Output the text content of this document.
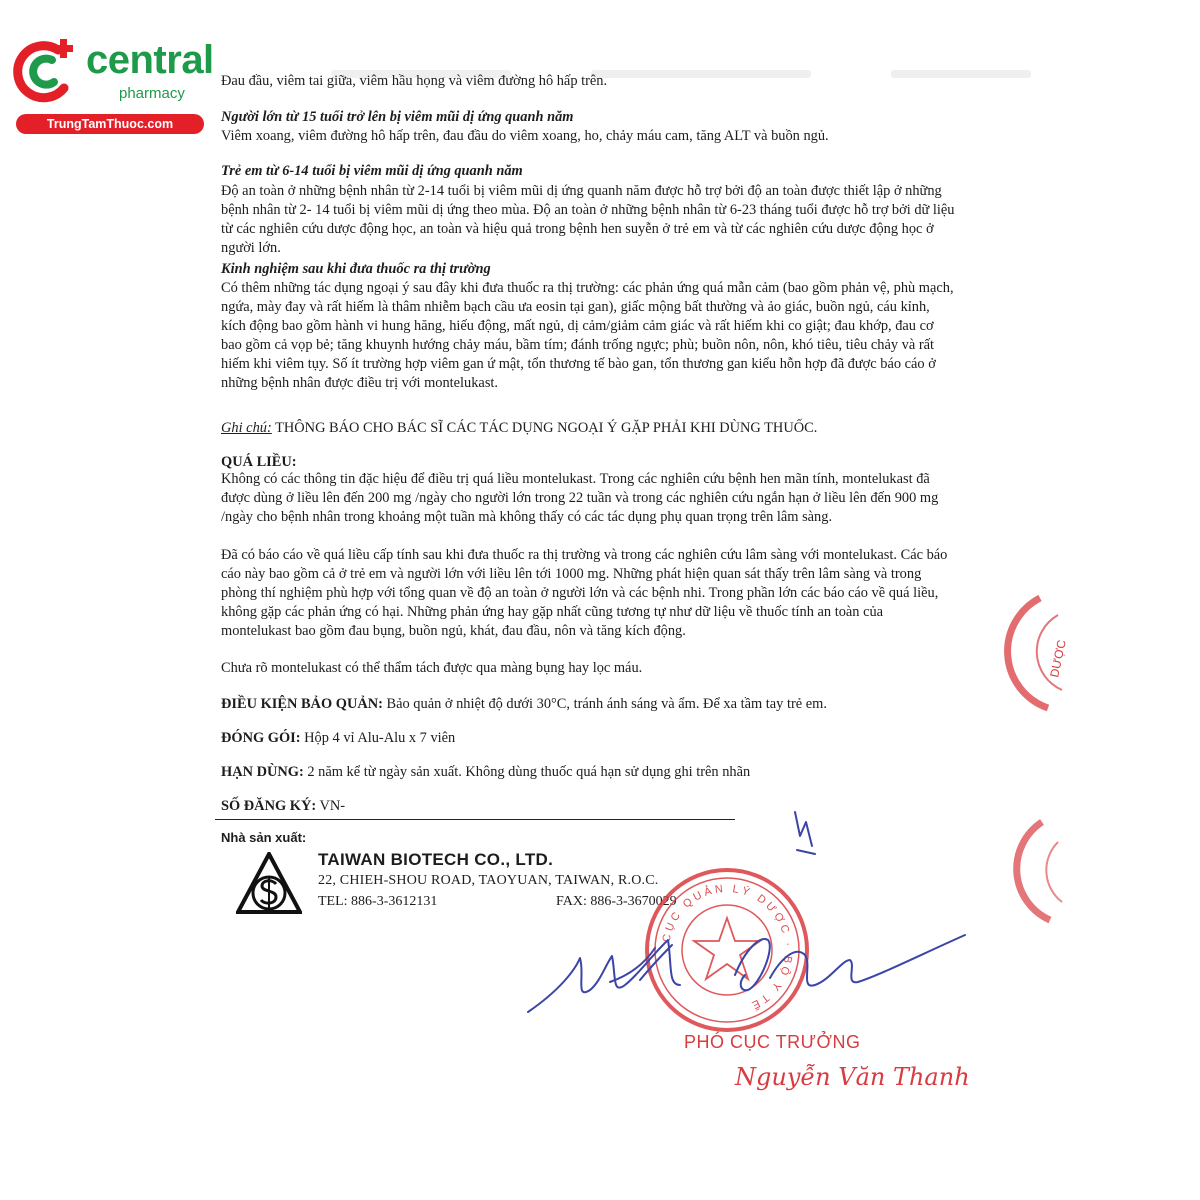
central
pharmacy
TrungTamThuoc.com

Đau đầu, viêm tai giữa, viêm hầu họng và viêm đường hô hấp trên.

Người lớn từ 15 tuổi trở lên bị viêm mũi dị ứng quanh năm

Viêm xoang, viêm đường hô hấp trên, đau đầu do viêm xoang, ho, chảy máu cam, tăng ALT và buồn ngủ.

Trẻ em từ 6-14 tuổi bị viêm mũi dị ứng quanh năm

Độ an toàn ở những bệnh nhân từ 2-14 tuổi bị viêm mũi dị ứng quanh năm được hỗ trợ bởi độ an toàn được thiết lập ở những bệnh nhân từ 2- 14 tuổi bị viêm mũi dị ứng theo mùa. Độ an toàn ở những bệnh nhân từ 6-23 tháng tuổi được hỗ trợ bởi dữ liệu từ các nghiên cứu dược động học, an toàn và hiệu quả trong bệnh hen suyễn ở trẻ em và từ các nghiên cứu dược động học ở người lớn.

Kinh nghiệm sau khi đưa thuốc ra thị trường

Có thêm những tác dụng ngoại ý sau đây khi đưa thuốc ra thị trường: các phản ứng quá mẫn cảm (bao gồm phản vệ, phù mạch, ngứa, mày đay và rất hiếm là thâm nhiễm bạch cầu ưa eosin tại gan), giấc mộng bất thường và ảo giác, buồn ngủ, cáu kỉnh, kích động bao gồm hành vi hung hăng, hiếu động, mất ngủ, dị cảm/giảm cảm giác và rất hiếm khi co giật; đau khớp, đau cơ bao gồm cả vọp bẻ; tăng khuynh hướng chảy máu, bầm tím; đánh trống ngực; phù; buồn nôn, nôn, khó tiêu, tiêu chảy và rất hiếm khi viêm tụy. Số ít trường hợp viêm gan ứ mật, tổn thương tế bào gan, tổn thương gan kiểu hỗn hợp đã được báo cáo ở những bệnh nhân được điều trị với montelukast.

Ghi chú: THÔNG BÁO CHO BÁC SĨ CÁC TÁC DỤNG NGOẠI Ý GẶP PHẢI KHI DÙNG THUỐC.

QUÁ LIỀU:

Không có các thông tin đặc hiệu để điều trị quá liều montelukast. Trong các nghiên cứu bệnh hen mãn tính, montelukast đã được dùng ở liều lên đến 200 mg /ngày cho người lớn trong 22 tuần và trong các nghiên cứu ngắn hạn ở liều lên đến 900 mg /ngày cho bệnh nhân trong khoảng một tuần mà không thấy có các tác dụng phụ quan trọng trên lâm sàng.

Đã có báo cáo về quá liều cấp tính sau khi đưa thuốc ra thị trường và trong các nghiên cứu lâm sàng với montelukast. Các báo cáo này bao gồm cả ở trẻ em và người lớn với liều lên tới 1000 mg. Những phát hiện quan sát thấy trên lâm sàng và trong phòng thí nghiệm phù hợp với tổng quan về độ an toàn ở người lớn và các bệnh nhi. Trong phần lớn các báo cáo về quá liều, không gặp các phản ứng có hại. Những phản ứng hay gặp nhất cũng tương tự như dữ liệu về thuốc tính an toàn của montelukast bao gồm đau bụng, buồn ngủ, khát, đau đầu, nôn và tăng kích động.

Chưa rõ montelukast có thể thẩm tách được qua màng bụng hay lọc máu.

ĐIỀU KIỆN BẢO QUẢN: Bảo quản ở nhiệt độ dưới 30°C, tránh ánh sáng và ẩm. Để xa tầm tay trẻ em.

ĐÓNG GÓI: Hộp 4 vỉ Alu-Alu x 7 viên

HẠN DÙNG: 2 năm kể từ ngày sản xuất. Không dùng thuốc quá hạn sử dụng ghi trên nhãn

SỐ ĐĂNG KÝ: VN-

Nhà sản xuất:
TAIWAN BIOTECH CO., LTD.
22, CHIEH-SHOU ROAD, TAOYUAN, TAIWAN, R.O.C.
TEL: 886-3-3612131	FAX: 886-3-3670029
DƯỢC
CỤC QUẢN LÝ DƯỢC · BỘ Y TẾ
PHÓ CỤC TRƯỞNG
Nguyễn Văn Thanh
